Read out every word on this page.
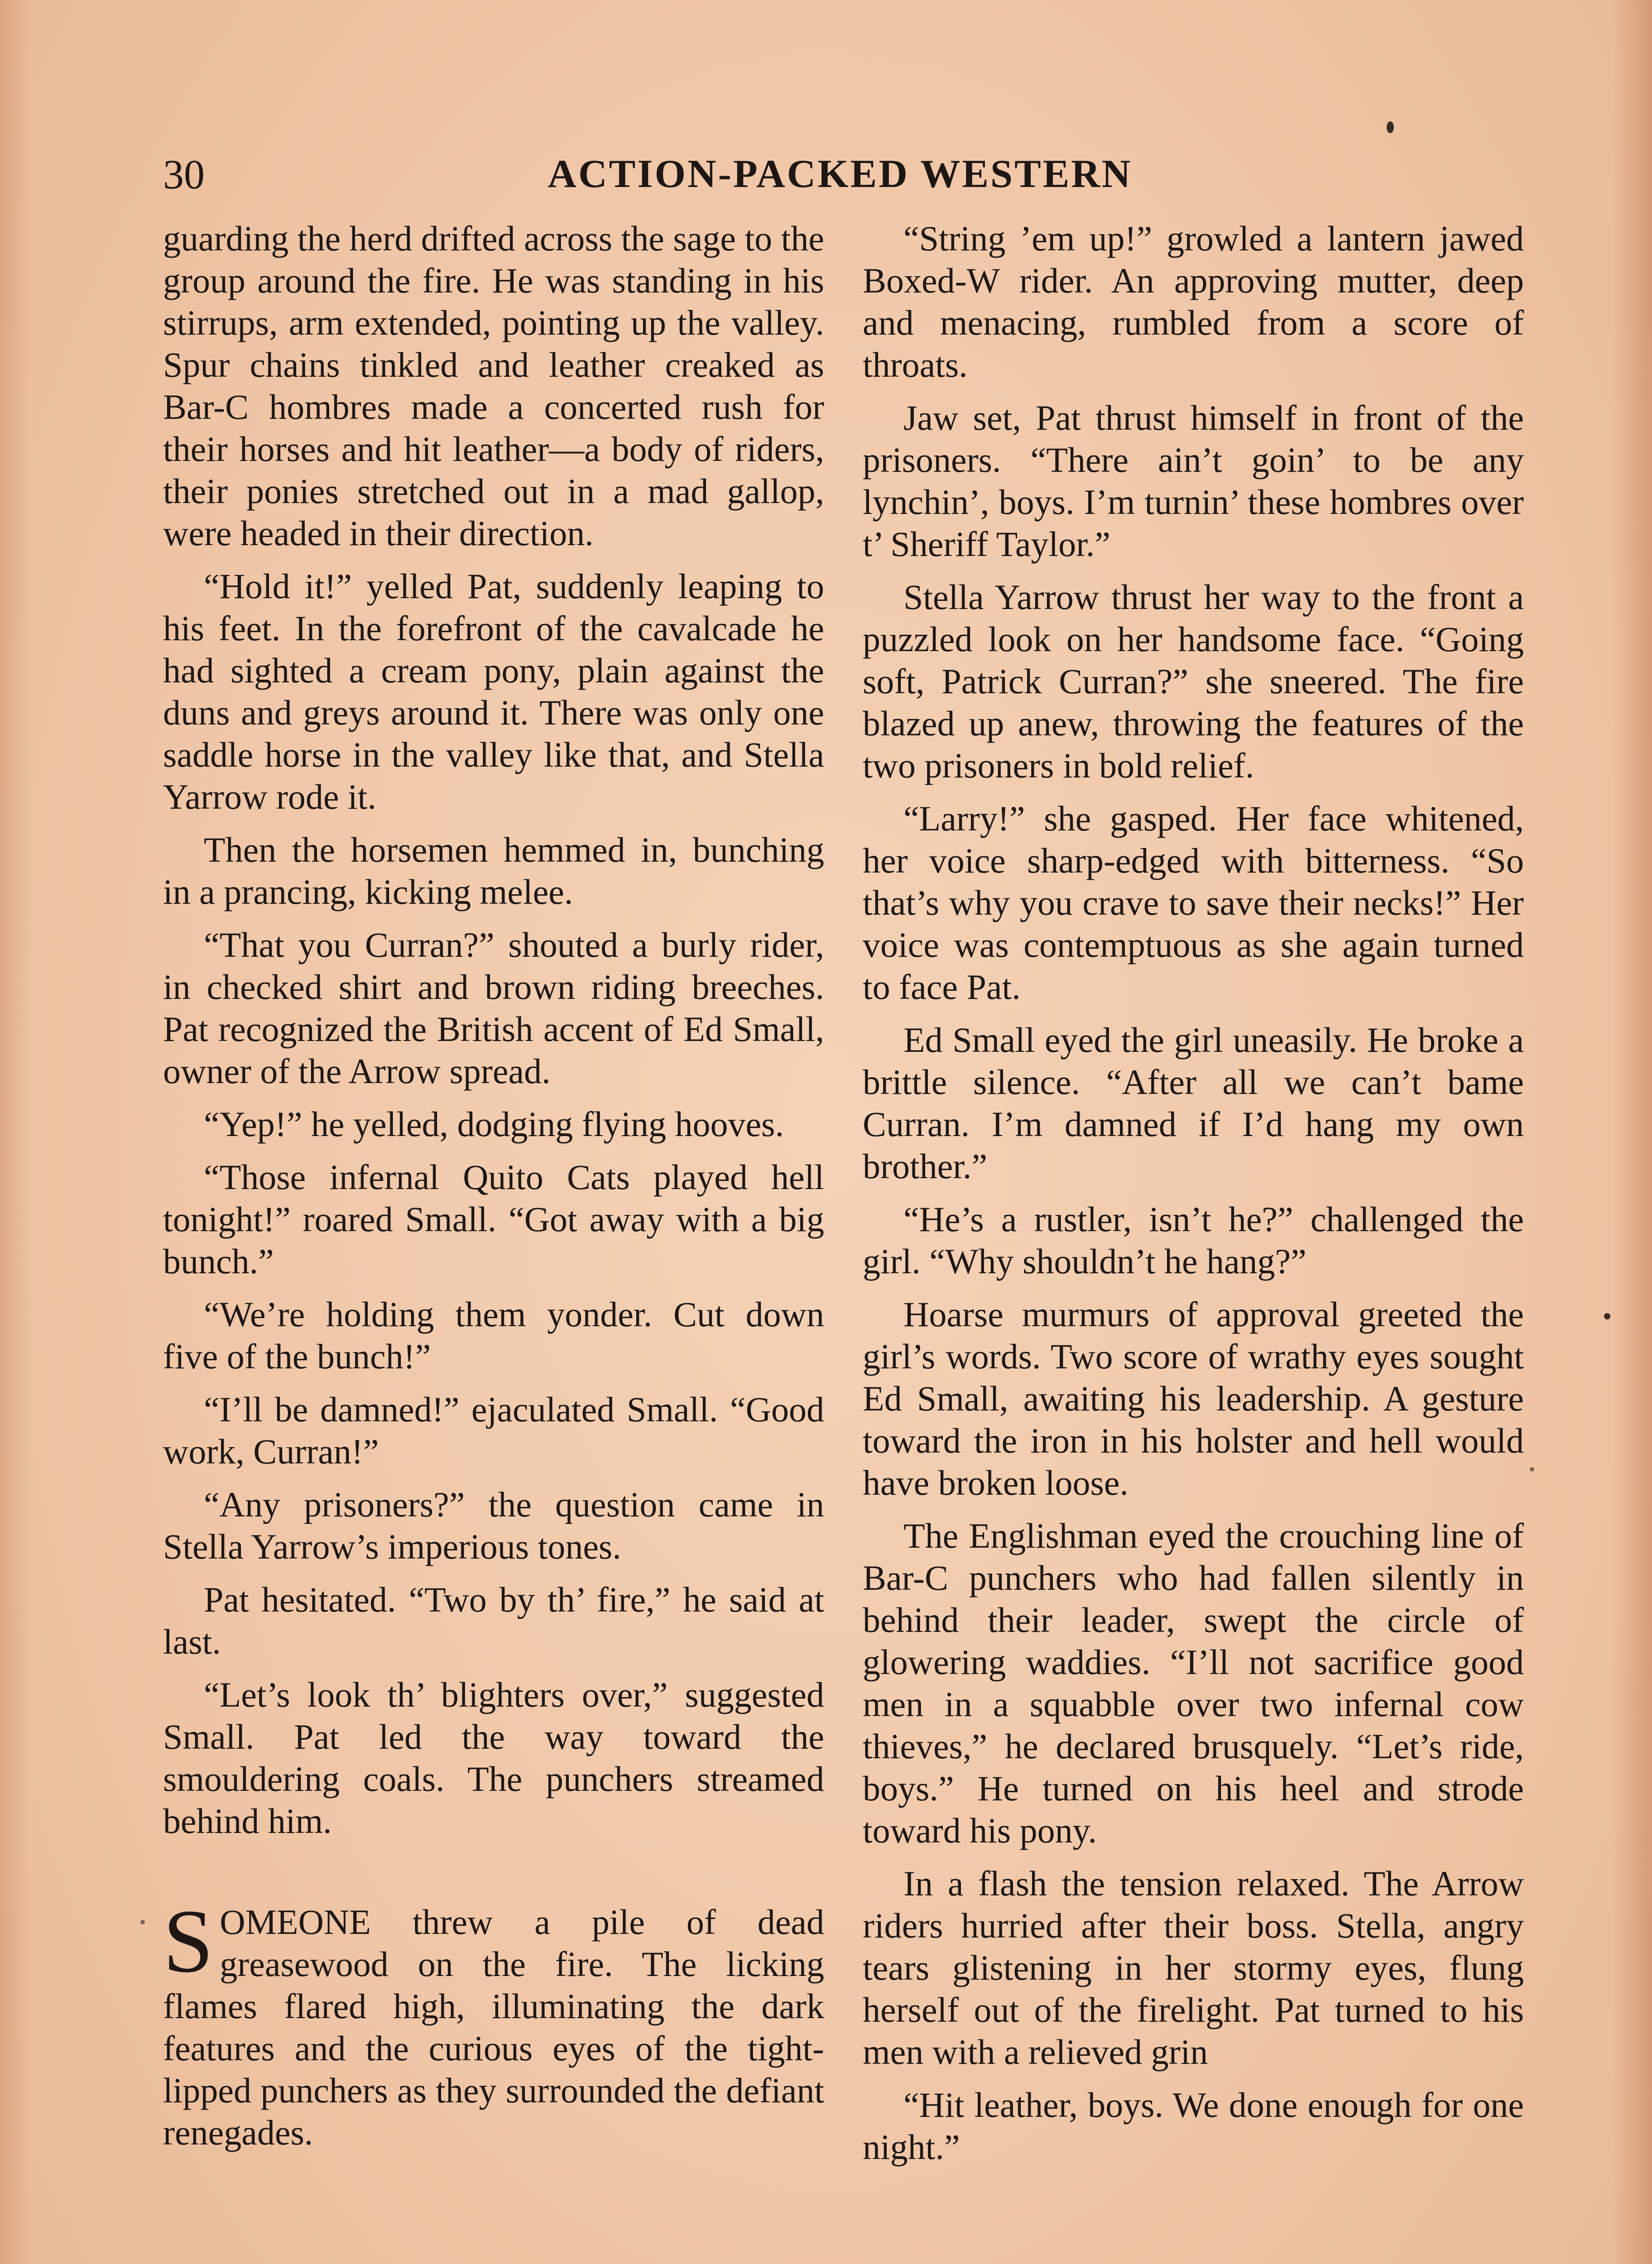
ACTION-PACKED WESTERN
30

guarding the herd drifted across the sage to the group around the fire. He was standing in his stirrups, arm extended, pointing up the valley. Spur chains tinkled and leather creaked as Bar-C hombres made a concerted rush for their horses and hit leather—a body of riders, their ponies stretched out in a mad gallop, were headed in their direction.

“Hold it!” yelled Pat, suddenly leaping to his feet. In the forefront of the cavalcade he had sighted a cream pony, plain against the duns and greys around it. There was only one saddle horse in the valley like that, and Stella Yarrow rode it.

Then the horsemen hemmed in, bunching in a prancing, kicking melee.

“That you Curran?” shouted a burly rider, in checked shirt and brown riding breeches. Pat recognized the British accent of Ed Small, owner of the Arrow spread.

“Yep!” he yelled, dodging flying hooves.

“Those infernal Quito Cats played hell tonight!” roared Small. “Got away with a big bunch.”

“We’re holding them yonder. Cut down five of the bunch!”

“I’ll be damned!” ejaculated Small. “Good work, Curran!”

“Any prisoners?” the question came in Stella Yarrow’s imperious tones.

Pat hesitated. “Two by th’ fire,” he said at last.

“Let’s look th’ blighters over,” suggested Small. Pat led the way toward the smouldering coals. The punchers streamed behind him.

SOMEONE threw a pile of dead greasewood on the fire. The licking flames flared high, illuminating the dark features and the curious eyes of the tight-lipped punchers as they surrounded the defiant renegades.

“String ’em up!” growled a lantern jawed Boxed-W rider. An approving mutter, deep and menacing, rumbled from a score of throats.

Jaw set, Pat thrust himself in front of the prisoners. “There ain’t goin’ to be any lynchin’, boys. I’m turnin’ these hombres over t’ Sheriff Taylor.”

Stella Yarrow thrust her way to the front a puzzled look on her handsome face. “Going soft, Patrick Curran?” she sneered. The fire blazed up anew, throwing the features of the two prisoners in bold relief.

“Larry!” she gasped. Her face whitened, her voice sharp-edged with bitterness. “So that’s why you crave to save their necks!” Her voice was contemptuous as she again turned to face Pat.

Ed Small eyed the girl uneasily. He broke a brittle silence. “After all we can’t bame Curran. I’m damned if I’d hang my own brother.”

“He’s a rustler, isn’t he?” challenged the girl. “Why shouldn’t he hang?”

Hoarse murmurs of approval greeted the girl’s words. Two score of wrathy eyes sought Ed Small, awaiting his leadership. A gesture toward the iron in his holster and hell would have broken loose.

The Englishman eyed the crouching line of Bar-C punchers who had fallen silently in behind their leader, swept the circle of glowering waddies. “I’ll not sacrifice good men in a squabble over two infernal cow thieves,” he declared brusquely. “Let’s ride, boys.” He turned on his heel and strode toward his pony.

In a flash the tension relaxed. The Arrow riders hurried after their boss. Stella, angry tears glistening in her stormy eyes, flung herself out of the firelight. Pat turned to his men with a relieved grin

“Hit leather, boys. We done enough for one night.”
